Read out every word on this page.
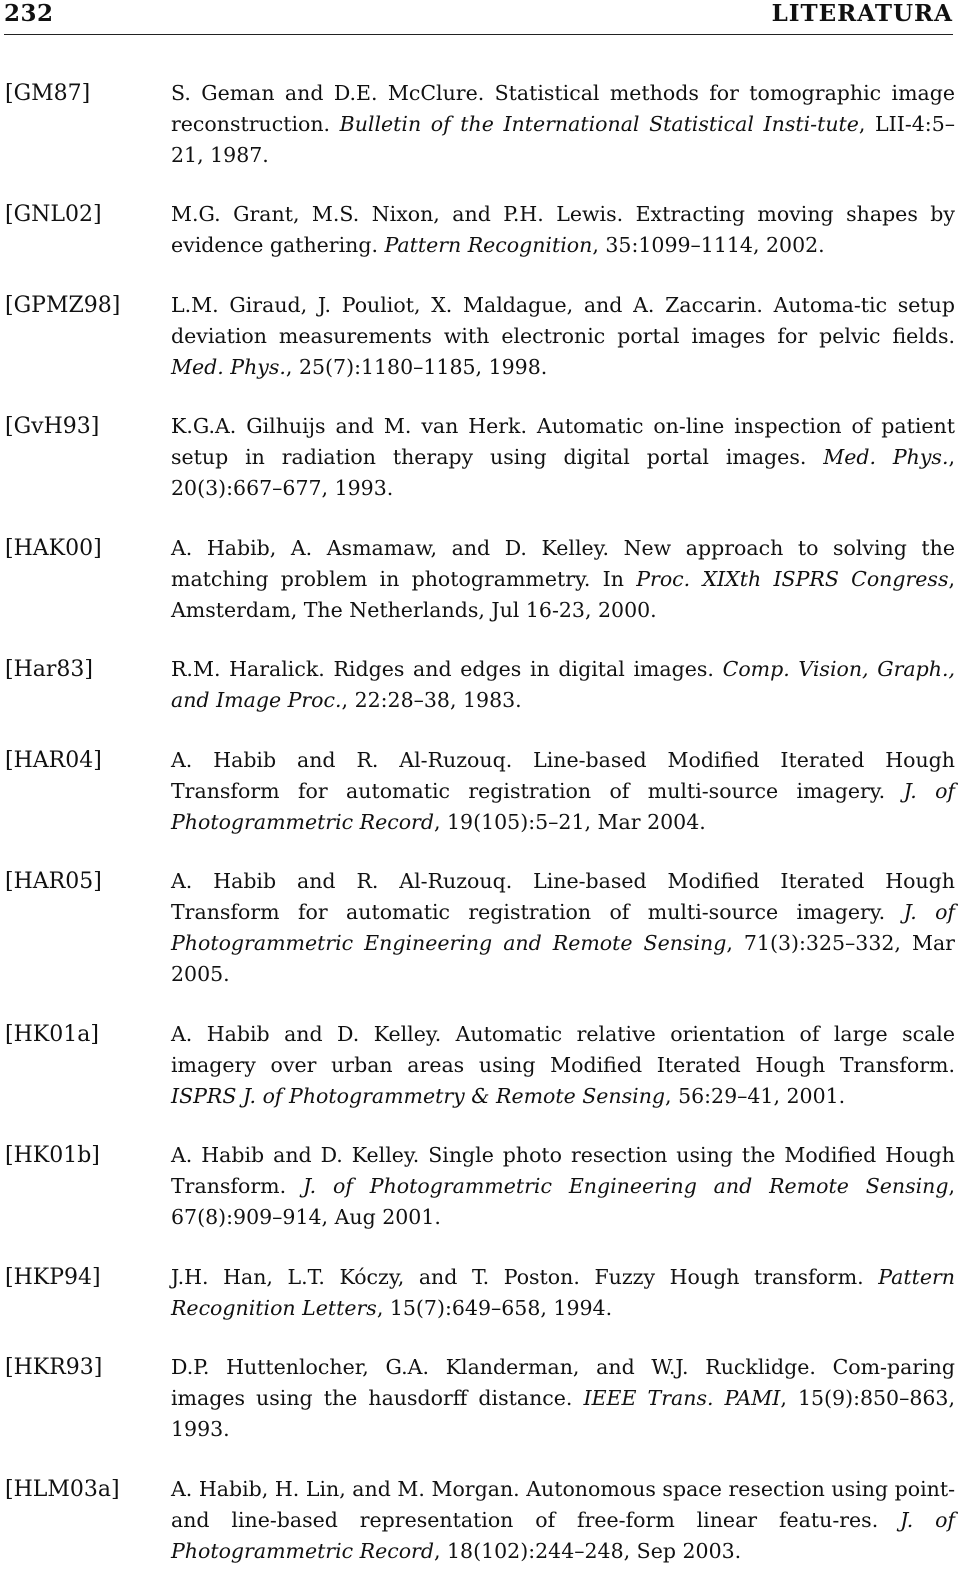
232	LITERATURA
[GM87]	S. Geman and D.E. McClure. Statistical methods for tomographic image reconstruction. Bulletin of the International Statistical Insti-tute, LII-4:5–21, 1987.
[GNL02]	M.G. Grant, M.S. Nixon, and P.H. Lewis. Extracting moving shapes by evidence gathering. Pattern Recognition, 35:1099–1114, 2002.
[GPMZ98] L.M. Giraud, J. Pouliot, X. Maldague, and A. Zaccarin. Automa-tic setup deviation measurements with electronic portal images for pelvic fields. Med. Phys., 25(7):1180–1185, 1998.
[GvH93]	K.G.A. Gilhuijs and M. van Herk. Automatic on-line inspection of patient setup in radiation therapy using digital portal images. Med. Phys., 20(3):667–677, 1993.
[HAK00]	A. Habib, A. Asmamaw, and D. Kelley. New approach to solving the matching problem in photogrammetry. In Proc. XIXth ISPRS Congress, Amsterdam, The Netherlands, Jul 16-23, 2000.
[Har83]	R.M. Haralick. Ridges and edges in digital images. Comp. Vision, Graph., and Image Proc., 22:28–38, 1983.
[HAR04]	A. Habib and R. Al-Ruzouq. Line-based Modified Iterated Hough Transform for automatic registration of multi-source imagery. J. of Photogrammetric Record, 19(105):5–21, Mar 2004.
[HAR05]	A. Habib and R. Al-Ruzouq. Line-based Modified Iterated Hough Transform for automatic registration of multi-source imagery. J. of Photogrammetric Engineering and Remote Sensing, 71(3):325–332, Mar 2005.
[HK01a]	A. Habib and D. Kelley. Automatic relative orientation of large scale imagery over urban areas using Modified Iterated Hough Transform. ISPRS J. of Photogrammetry & Remote Sensing, 56:29–41, 2001.
[HK01b]	A. Habib and D. Kelley. Single photo resection using the Modified Hough Transform. J. of Photogrammetric Engineering and Remote Sensing, 67(8):909–914, Aug 2001.
[HKP94]	J.H. Han, L.T. Kóczy, and T. Poston. Fuzzy Hough transform. Pattern Recognition Letters, 15(7):649–658, 1994.
[HKR93]	D.P. Huttenlocher, G.A. Klanderman, and W.J. Rucklidge. Com-paring images using the hausdorff distance. IEEE Trans. PAMI, 15(9):850–863, 1993.
[HLM03a]	A. Habib, H. Lin, and M. Morgan. Autonomous space resection using point- and line-based representation of free-form linear featu-res. J. of Photogrammetric Record, 18(102):244–248, Sep 2003.
